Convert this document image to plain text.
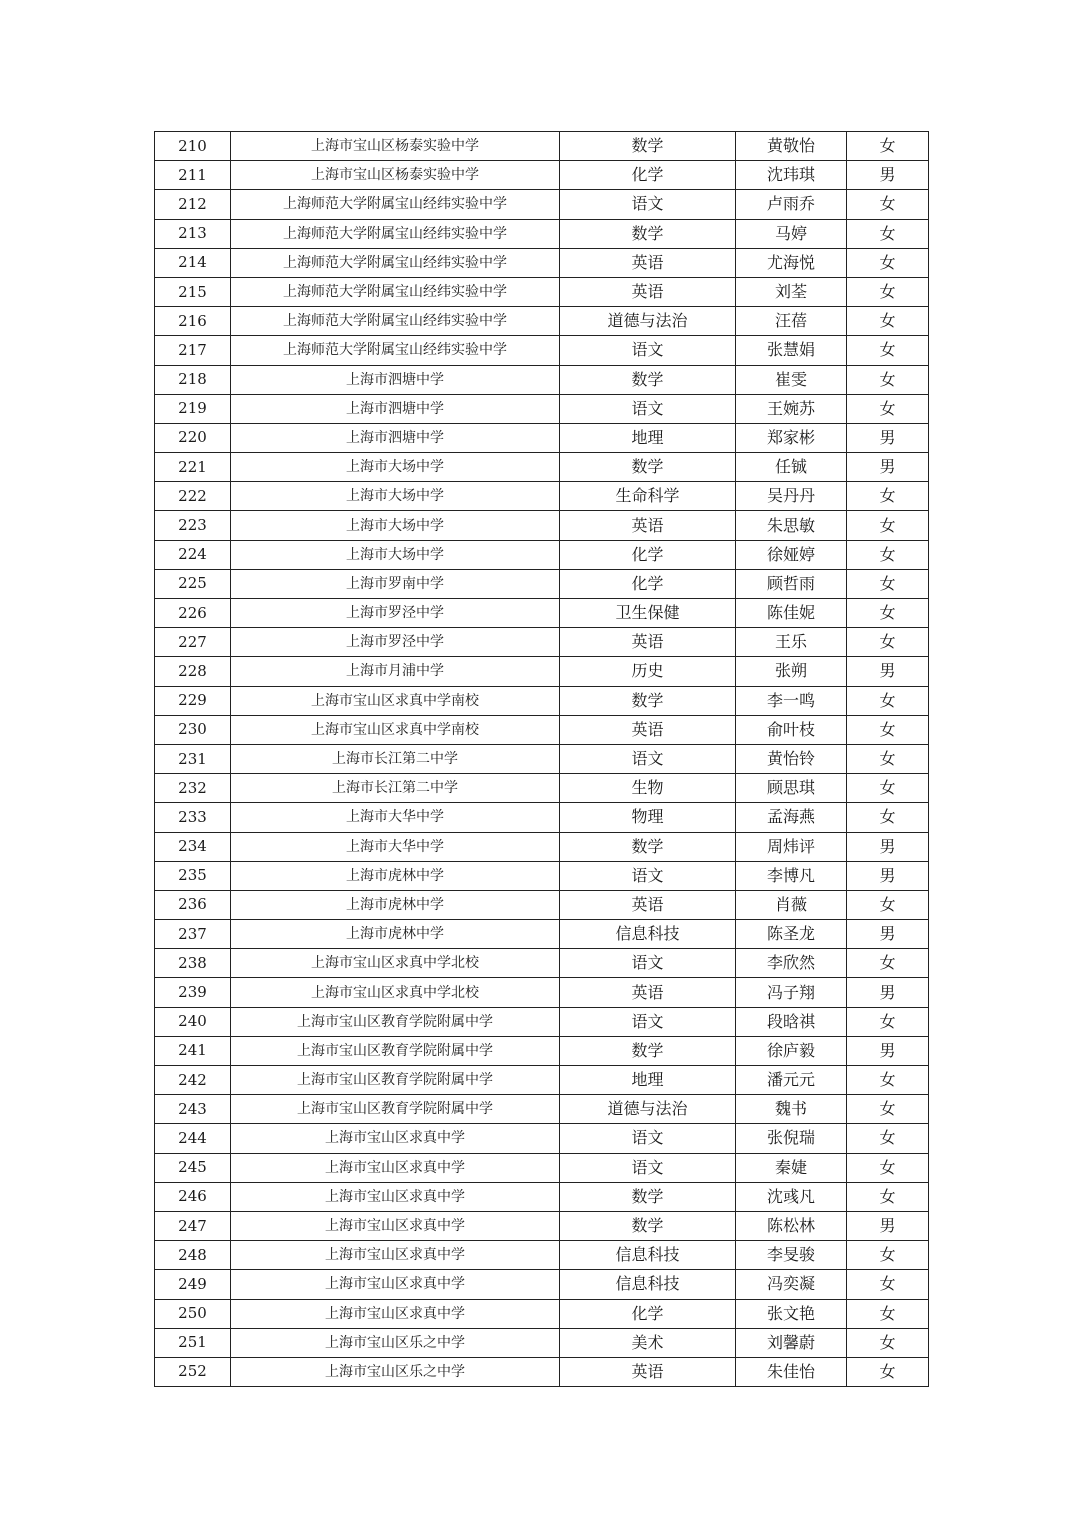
210	上海市宝山区杨泰实验中学	数学	黄敬怡	女
211	上海市宝山区杨泰实验中学	化学	沈玮琪	男
212	上海师范大学附属宝山经纬实验中学	语文	卢雨乔	女
213	上海师范大学附属宝山经纬实验中学	数学	马婷	女
214	上海师范大学附属宝山经纬实验中学	英语	尤海悦	女
215	上海师范大学附属宝山经纬实验中学	英语	刘荃	女
216	上海师范大学附属宝山经纬实验中学	道德与法治	汪蓓	女
217	上海师范大学附属宝山经纬实验中学	语文	张慧娟	女
218	上海市泗塘中学	数学	崔雯	女
219	上海市泗塘中学	语文	王婉苏	女
220	上海市泗塘中学	地理	郑家彬	男
221	上海市大场中学	数学	任铖	男
222	上海市大场中学	生命科学	吴丹丹	女
223	上海市大场中学	英语	朱思敏	女
224	上海市大场中学	化学	徐娅婷	女
225	上海市罗南中学	化学	顾哲雨	女
226	上海市罗泾中学	卫生保健	陈佳妮	女
227	上海市罗泾中学	英语	王乐	女
228	上海市月浦中学	历史	张朔	男
229	上海市宝山区求真中学南校	数学	李一鸣	女
230	上海市宝山区求真中学南校	英语	俞叶枝	女
231	上海市长江第二中学	语文	黄怡铃	女
232	上海市长江第二中学	生物	顾思琪	女
233	上海市大华中学	物理	孟海燕	女
234	上海市大华中学	数学	周炜评	男
235	上海市虎林中学	语文	李博凡	男
236	上海市虎林中学	英语	肖薇	女
237	上海市虎林中学	信息科技	陈圣龙	男
238	上海市宝山区求真中学北校	语文	李欣然	女
239	上海市宝山区求真中学北校	英语	冯子翔	男
240	上海市宝山区教育学院附属中学	语文	段晗祺	女
241	上海市宝山区教育学院附属中学	数学	徐庐毅	男
242	上海市宝山区教育学院附属中学	地理	潘元元	女
243	上海市宝山区教育学院附属中学	道德与法治	魏书	女
244	上海市宝山区求真中学	语文	张倪瑞	女
245	上海市宝山区求真中学	语文	秦婕	女
246	上海市宝山区求真中学	数学	沈彧凡	女
247	上海市宝山区求真中学	数学	陈松林	男
248	上海市宝山区求真中学	信息科技	李旻骏	女
249	上海市宝山区求真中学	信息科技	冯奕凝	女
250	上海市宝山区求真中学	化学	张文艳	女
251	上海市宝山区乐之中学	美术	刘馨蔚	女
252	上海市宝山区乐之中学	英语	朱佳怡	女
